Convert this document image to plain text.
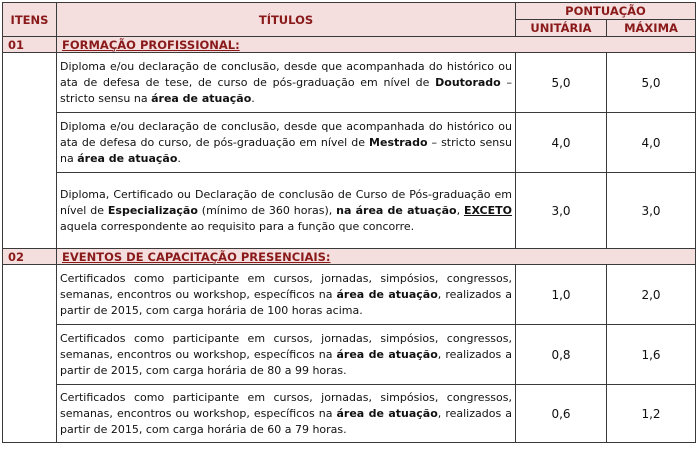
ITENS	TÍTULOS	PONTUAÇÃO	
		UNITÁRIA	MÁXIMA
01	FORMAÇÃO PROFISSIONAL:		
	Diploma e/ou declaração de conclusão, desde que acompanhada do histórico ou ata de defesa de tese, de curso de pós-graduação em nível de Doutorado – stricto sensu na área de atuação.	5,0	5,0
	Diploma e/ou declaração de conclusão, desde que acompanhada do histórico ou ata de defesa do curso, de pós-graduação em nível de Mestrado – stricto sensu na área de atuação.	4,0	4,0
	Diploma, Certificado ou Declaração de conclusão de Curso de Pós-graduação em nível de Especialização (mínimo de 360 horas), na área de atuação, EXCETO aquela correspondente ao requisito para a função que concorre.	3,0	3,0
02	EVENTOS DE CAPACITAÇÃO PRESENCIAIS:		
	Certificados como participante em cursos, jornadas, simpósios, congressos, semanas, encontros ou workshop, específicos na área de atuação, realizados a partir de 2015, com carga horária de 100 horas acima.	1,0	2,0
	Certificados como participante em cursos, jornadas, simpósios, congressos, semanas, encontros ou workshop, específicos na área de atuação, realizados a partir de 2015, com carga horária de 80 a 99 horas.	0,8	1,6
	Certificados como participante em cursos, jornadas, simpósios, congressos, semanas, encontros ou workshop, específicos na área de atuação, realizados a partir de 2015, com carga horária de 60 a 79 horas.	0,6	1,2
